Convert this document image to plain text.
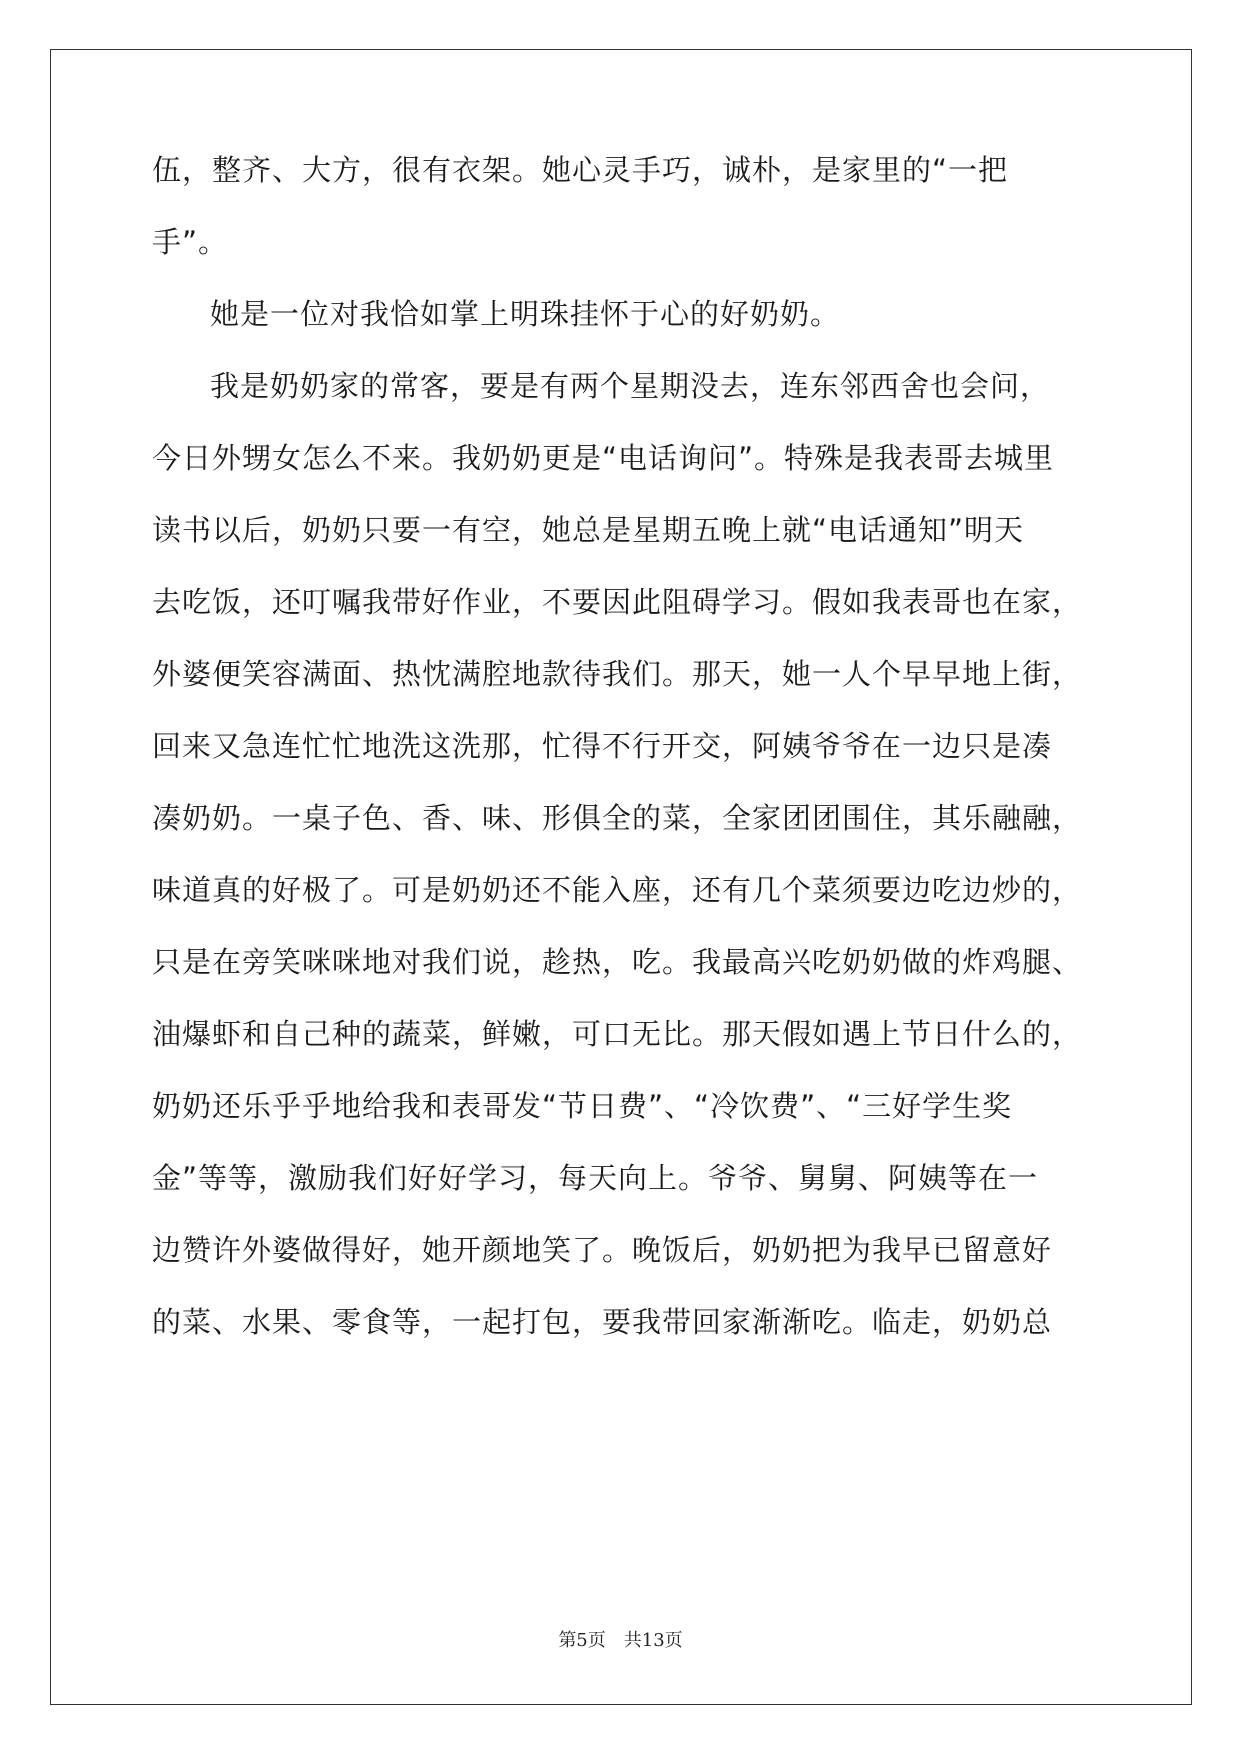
伍，整齐、大方，很有衣架。她心灵手巧，诚朴，是家里的“一把
手”。
她是一位对我恰如掌上明珠挂怀于心的好奶奶。
我是奶奶家的常客，要是有两个星期没去，连东邻西舍也会问，
今日外甥女怎么不来。我奶奶更是“电话询问”。特殊是我表哥去城里
读书以后，奶奶只要一有空，她总是星期五晚上就“电话通知”明天
去吃饭，还叮嘱我带好作业，不要因此阻碍学习。假如我表哥也在家，
外婆便笑容满面、热忱满腔地款待我们。那天，她一人个早早地上街，
回来又急连忙忙地洗这洗那，忙得不行开交，阿姨爷爷在一边只是凑
凑奶奶。一桌子色、香、味、形俱全的菜，全家团团围住，其乐融融，
味道真的好极了。可是奶奶还不能入座，还有几个菜须要边吃边炒的，
只是在旁笑咪咪地对我们说，趁热，吃。我最高兴吃奶奶做的炸鸡腿、
油爆虾和自己种的蔬菜，鲜嫩，可口无比。那天假如遇上节日什么的，
奶奶还乐乎乎地给我和表哥发“节日费”、“冷饮费”、“三好学生奖
金”等等，激励我们好好学习，每天向上。爷爷、舅舅、阿姨等在一
边赞许外婆做得好，她开颜地笑了。晚饭后，奶奶把为我早已留意好
的菜、水果、零食等，一起打包，要我带回家渐渐吃。临走，奶奶总
第5页　共13页
